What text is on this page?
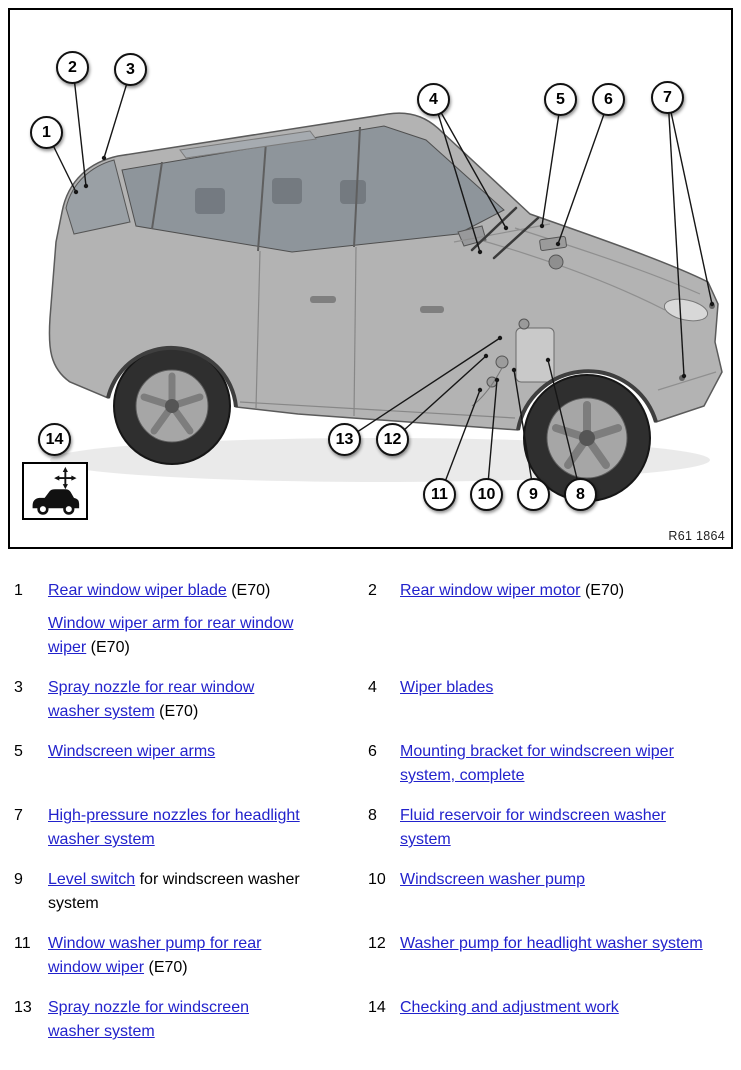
1
2	3
4	5	6	7
8
9
10
11
12
13
14
R61 1864
1	Rear window wiper blade (E70)

Window wiper arm for rear window wiper (E70)

2	Rear window wiper motor (E70)

3	Spray nozzle for rear window washer system (E70)

4	Wiper blades

5	Windscreen wiper arms	6	Mounting bracket for windscreen wiper system, complete

7	High-pressure nozzles for headlight washer system

8	Fluid reservoir for windscreen washer system

9	Level switch for windscreen washer system

10 Windscreen washer pump

11	Window washer pump for rear window wiper (E70)

12 Washer pump for headlight washer system

13	Spray nozzle for windscreen washer system

14 Checking and adjustment work
